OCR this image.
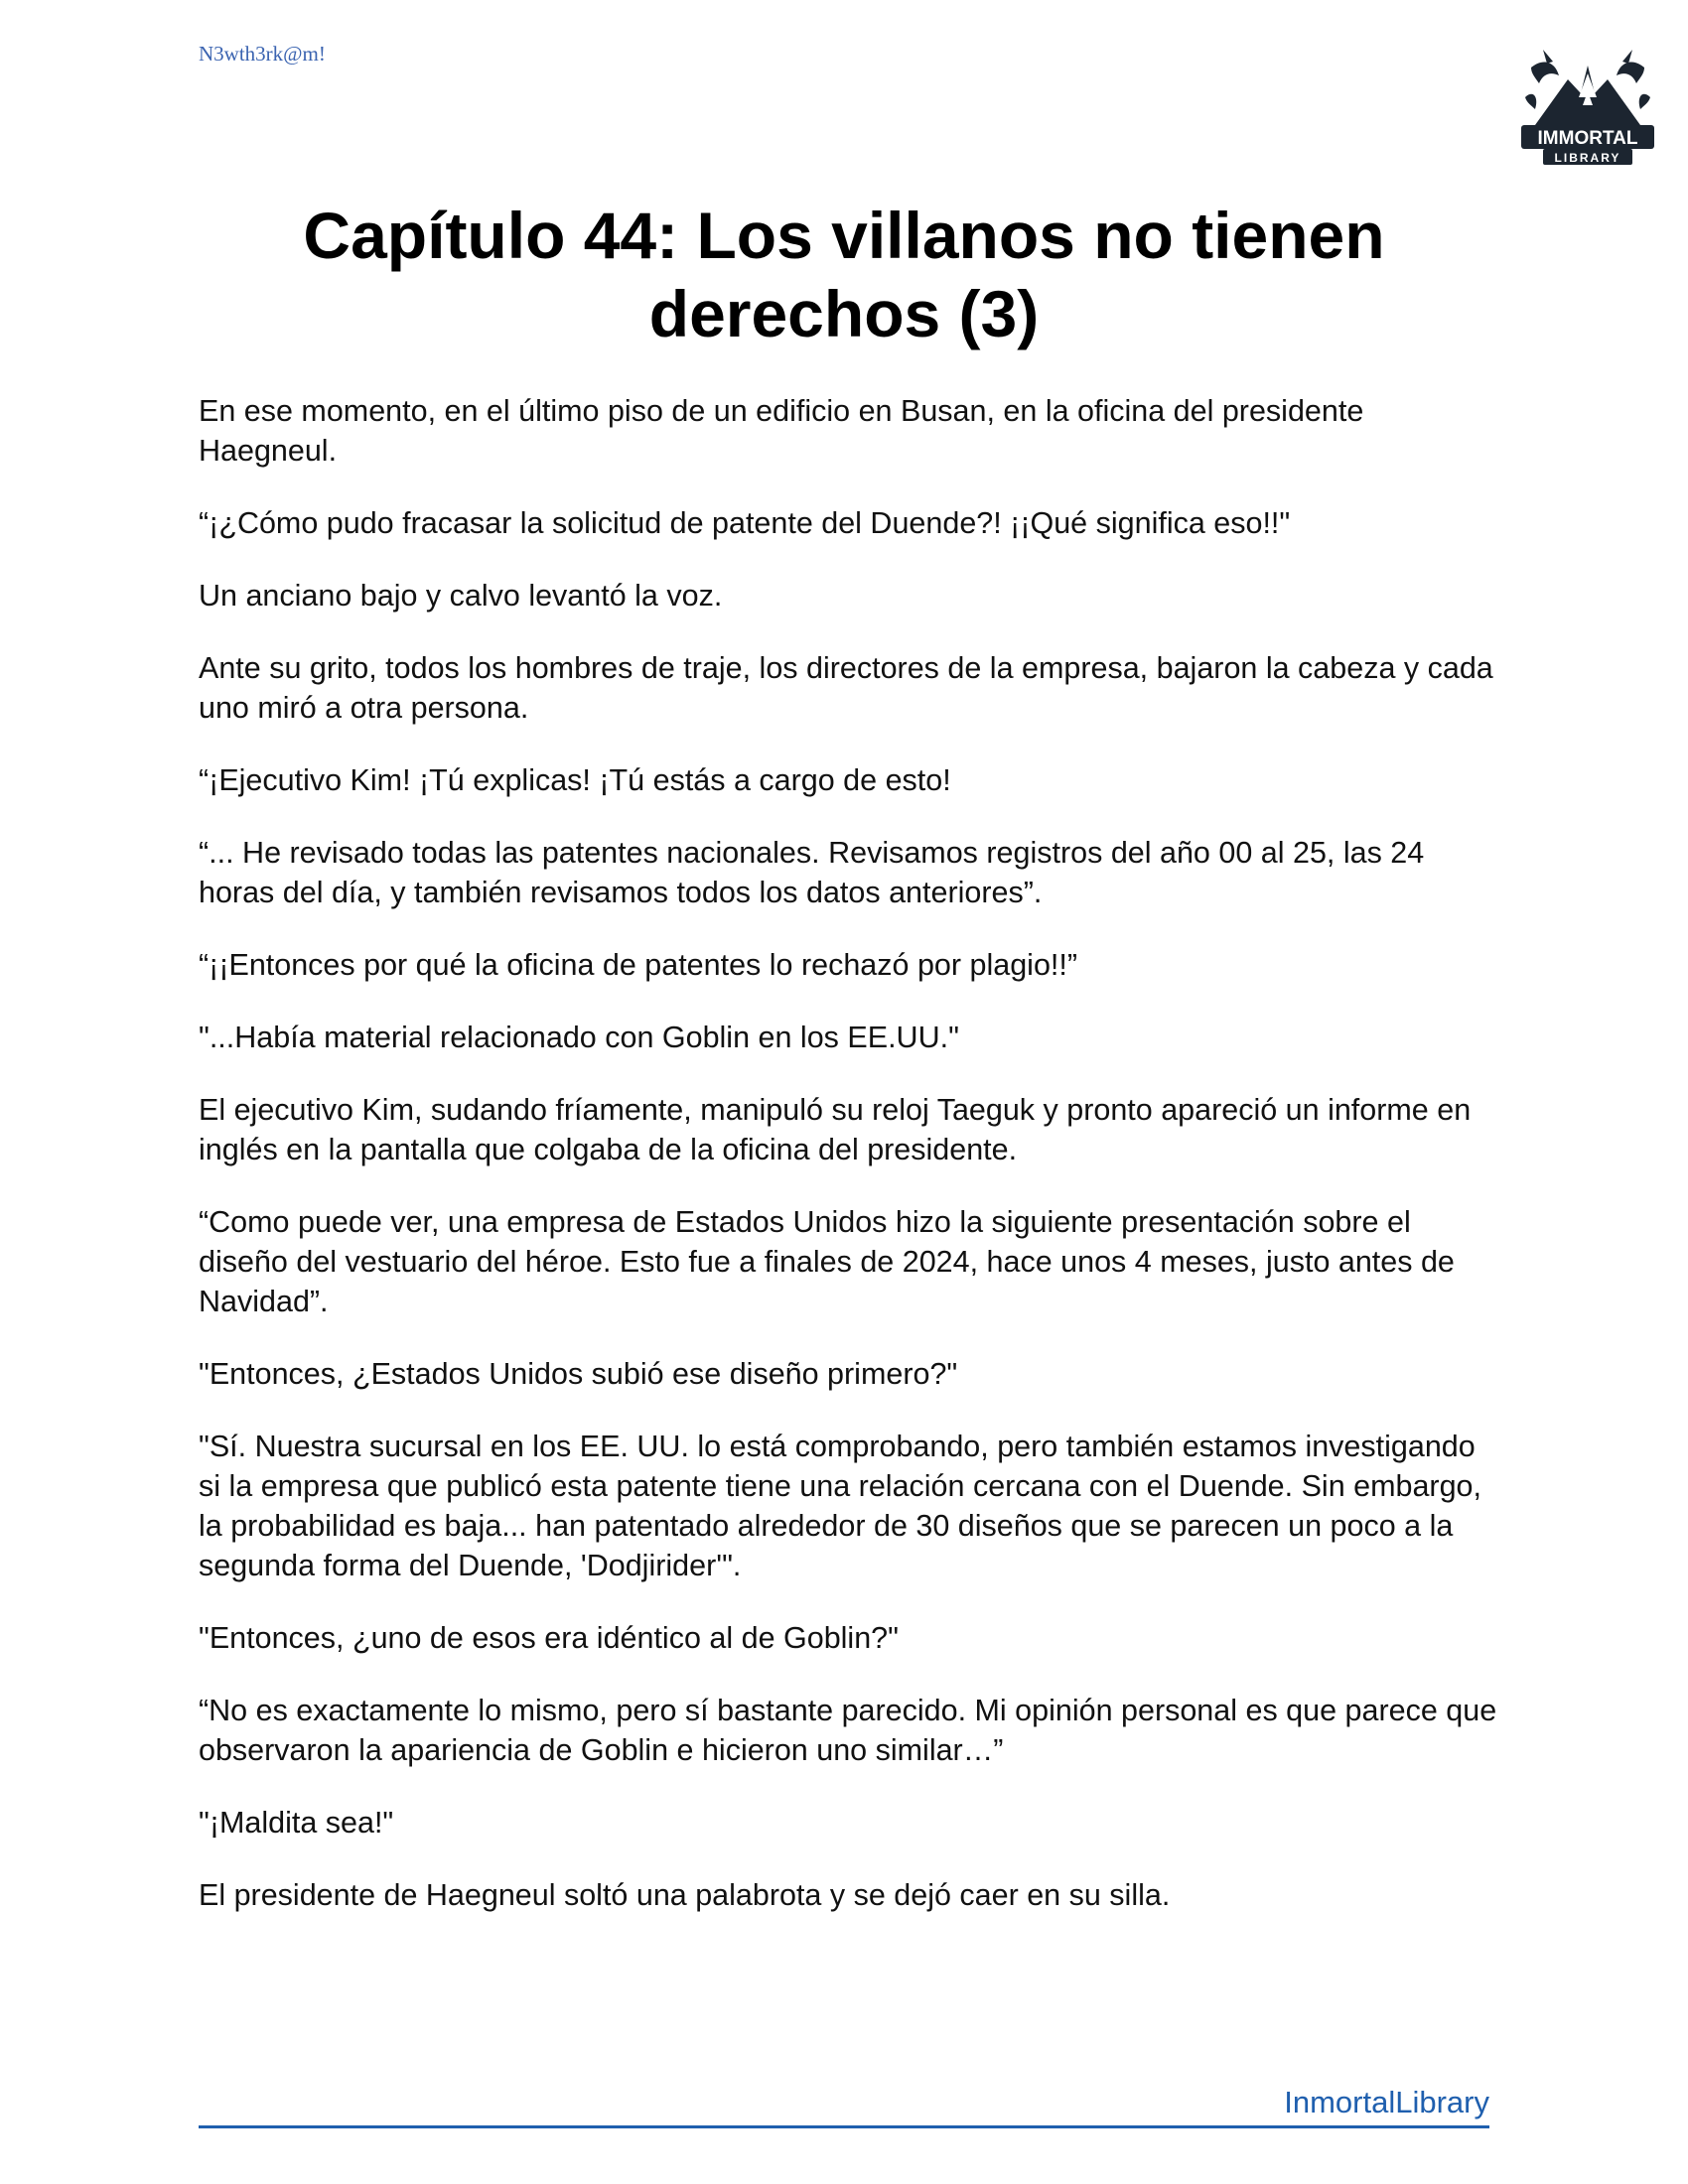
N3wth3rk@m!
IMMORTAL
LIBRARY
Capítulo 44: Los villanos no tienen derechos (3)

En ese momento, en el último piso de un edificio en Busan, en la oficina del presidente Haegneul.

“¡¿Cómo pudo fracasar la solicitud de patente del Duende?! ¡¡Qué significa eso!!"

Un anciano bajo y calvo levantó la voz.

Ante su grito, todos los hombres de traje, los directores de la empresa, bajaron la cabeza y cada uno miró a otra persona.

“¡Ejecutivo Kim! ¡Tú explicas! ¡Tú estás a cargo de esto!

“... He revisado todas las patentes nacionales. Revisamos registros del año 00 al 25, las 24 horas del día, y también revisamos todos los datos anteriores”.

“¡¡Entonces por qué la oficina de patentes lo rechazó por plagio!!”

"...Había material relacionado con Goblin en los EE.UU."

El ejecutivo Kim, sudando fríamente, manipuló su reloj Taeguk y pronto apareció un informe en inglés en la pantalla que colgaba de la oficina del presidente.

“Como puede ver, una empresa de Estados Unidos hizo la siguiente presentación sobre el diseño del vestuario del héroe. Esto fue a finales de 2024, hace unos 4 meses, justo antes de Navidad”.

"Entonces, ¿Estados Unidos subió ese diseño primero?"

"Sí. Nuestra sucursal en los EE. UU. lo está comprobando, pero también estamos investigando si la empresa que publicó esta patente tiene una relación cercana con el Duende. Sin embargo, la probabilidad es baja... han patentado alrededor de 30 diseños que se parecen un poco a la segunda forma del Duende, 'Dodjirider'".

"Entonces, ¿uno de esos era idéntico al de Goblin?"

“No es exactamente lo mismo, pero sí bastante parecido. Mi opinión personal es que parece que observaron la apariencia de Goblin e hicieron uno similar…”

"¡Maldita sea!"

El presidente de Haegneul soltó una palabrota y se dejó caer en su silla.

InmortalLibrary
